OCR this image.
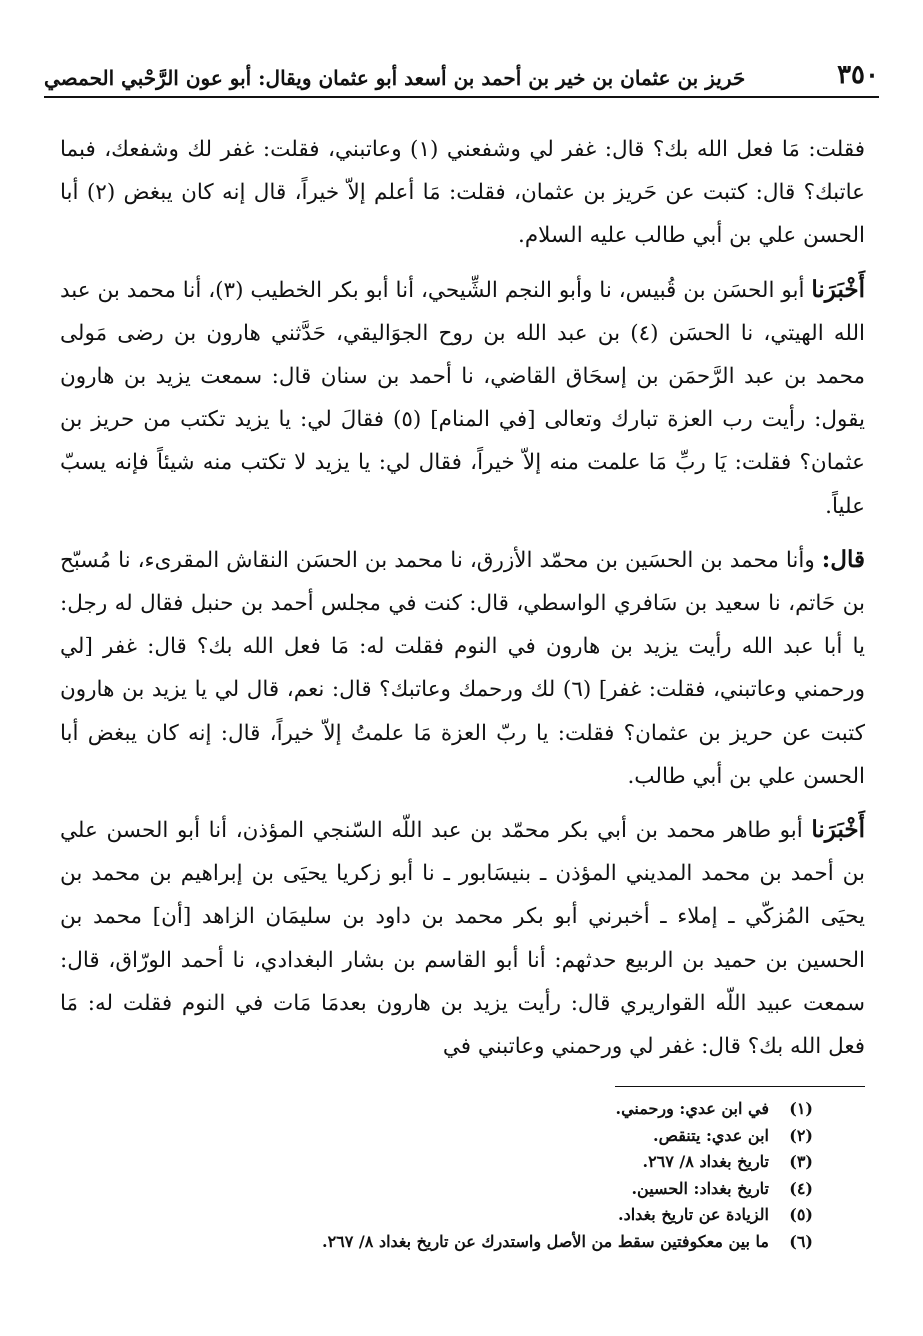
٣٥٠
حَريز بن عثمان بن خير بن أحمد بن أسعد أبو عثمان ويقال: أبو عون الرَّحْبي الحمصي

فقلت: مَا فعل الله بك؟ قال: غفر لي وشفعني (١) وعاتبني، فقلت: غفر لك وشفعك، فبما عاتبك؟ قال: كتبت عن حَريز بن عثمان، فقلت: مَا أعلم إلاّ خيراً، قال إنه كان يبغض (٢) أبا الحسن علي بن أبي طالب عليه السلام.

أَخْبَرَنا أبو الحسَن بن قُبيس، نا وأبو النجم الشِّيحي، أنا أبو بكر الخطيب (٣)، أنا محمد بن عبد الله الهيتي، نا الحسَن (٤) بن عبد الله بن روح الجوَاليقي، حَدَّثني هارون بن رضى مَولى محمد بن عبد الرَّحمَن بن إسحَاق القاضي، نا أحمد بن سنان قال: سمعت يزيد بن هارون يقول: رأيت رب العزة تبارك وتعالى [في المنام] (٥) فقالَ لي: يا يزيد تكتب من حريز بن عثمان؟ فقلت: يَا ربِّ مَا علمت منه إلاّ خيراً، فقال لي: يا يزيد لا تكتب منه شيئاً فإنه يسبّ علياً.

قال: وأنا محمد بن الحسَين بن محمّد الأزرق، نا محمد بن الحسَن النقاش المقرىء، نا مُسبّح بن حَاتم، نا سعيد بن سَافري الواسطي، قال: كنت في مجلس أحمد بن حنبل فقال له رجل: يا أبا عبد الله رأيت يزيد بن هارون في النوم فقلت له: مَا فعل الله بك؟ قال: غفر [لي ورحمني وعاتبني، فقلت: غفر] (٦) لك ورحمك وعاتبك؟ قال: نعم، قال لي يا يزيد بن هارون كتبت عن حريز بن عثمان؟ فقلت: يا ربّ العزة مَا علمتُ إلاّ خيراً، قال: إنه كان يبغض أبا الحسن علي بن أبي طالب.

أَخْبَرَنا أبو طاهر محمد بن أبي بكر محمّد بن عبد اللّه السّنجي المؤذن، أنا أبو الحسن علي بن أحمد بن محمد المديني المؤذن ـ بنيسَابور ـ نا أبو زكريا يحيَى بن إبراهيم بن محمد بن يحيَى المُزكّي ـ إملاء ـ أخبرني أبو بكر محمد بن داود بن سليمَان الزاهد [أن] محمد بن الحسين بن حميد بن الربيع حدثهم: أنا أبو القاسم بن بشار البغدادي، نا أحمد الورّاق، قال: سمعت عبيد اللّه القواريري قال: رأيت يزيد بن هارون بعدمَا مَات في النوم فقلت له: مَا فعل الله بك؟ قال: غفر لي ورحمني وعاتبني في

(١)
في ابن عدي: ورحمني.
(٢)
ابن عدي: يتنقص.
(٣)
تاريخ بغداد ٨/ ٢٦٧.
(٤)
تاريخ بغداد: الحسين.
(٥)
الزيادة عن تاريخ بغداد.
(٦)
ما بين معكوفتين سقط من الأصل واستدرك عن تاريخ بغداد ٨/ ٢٦٧.
